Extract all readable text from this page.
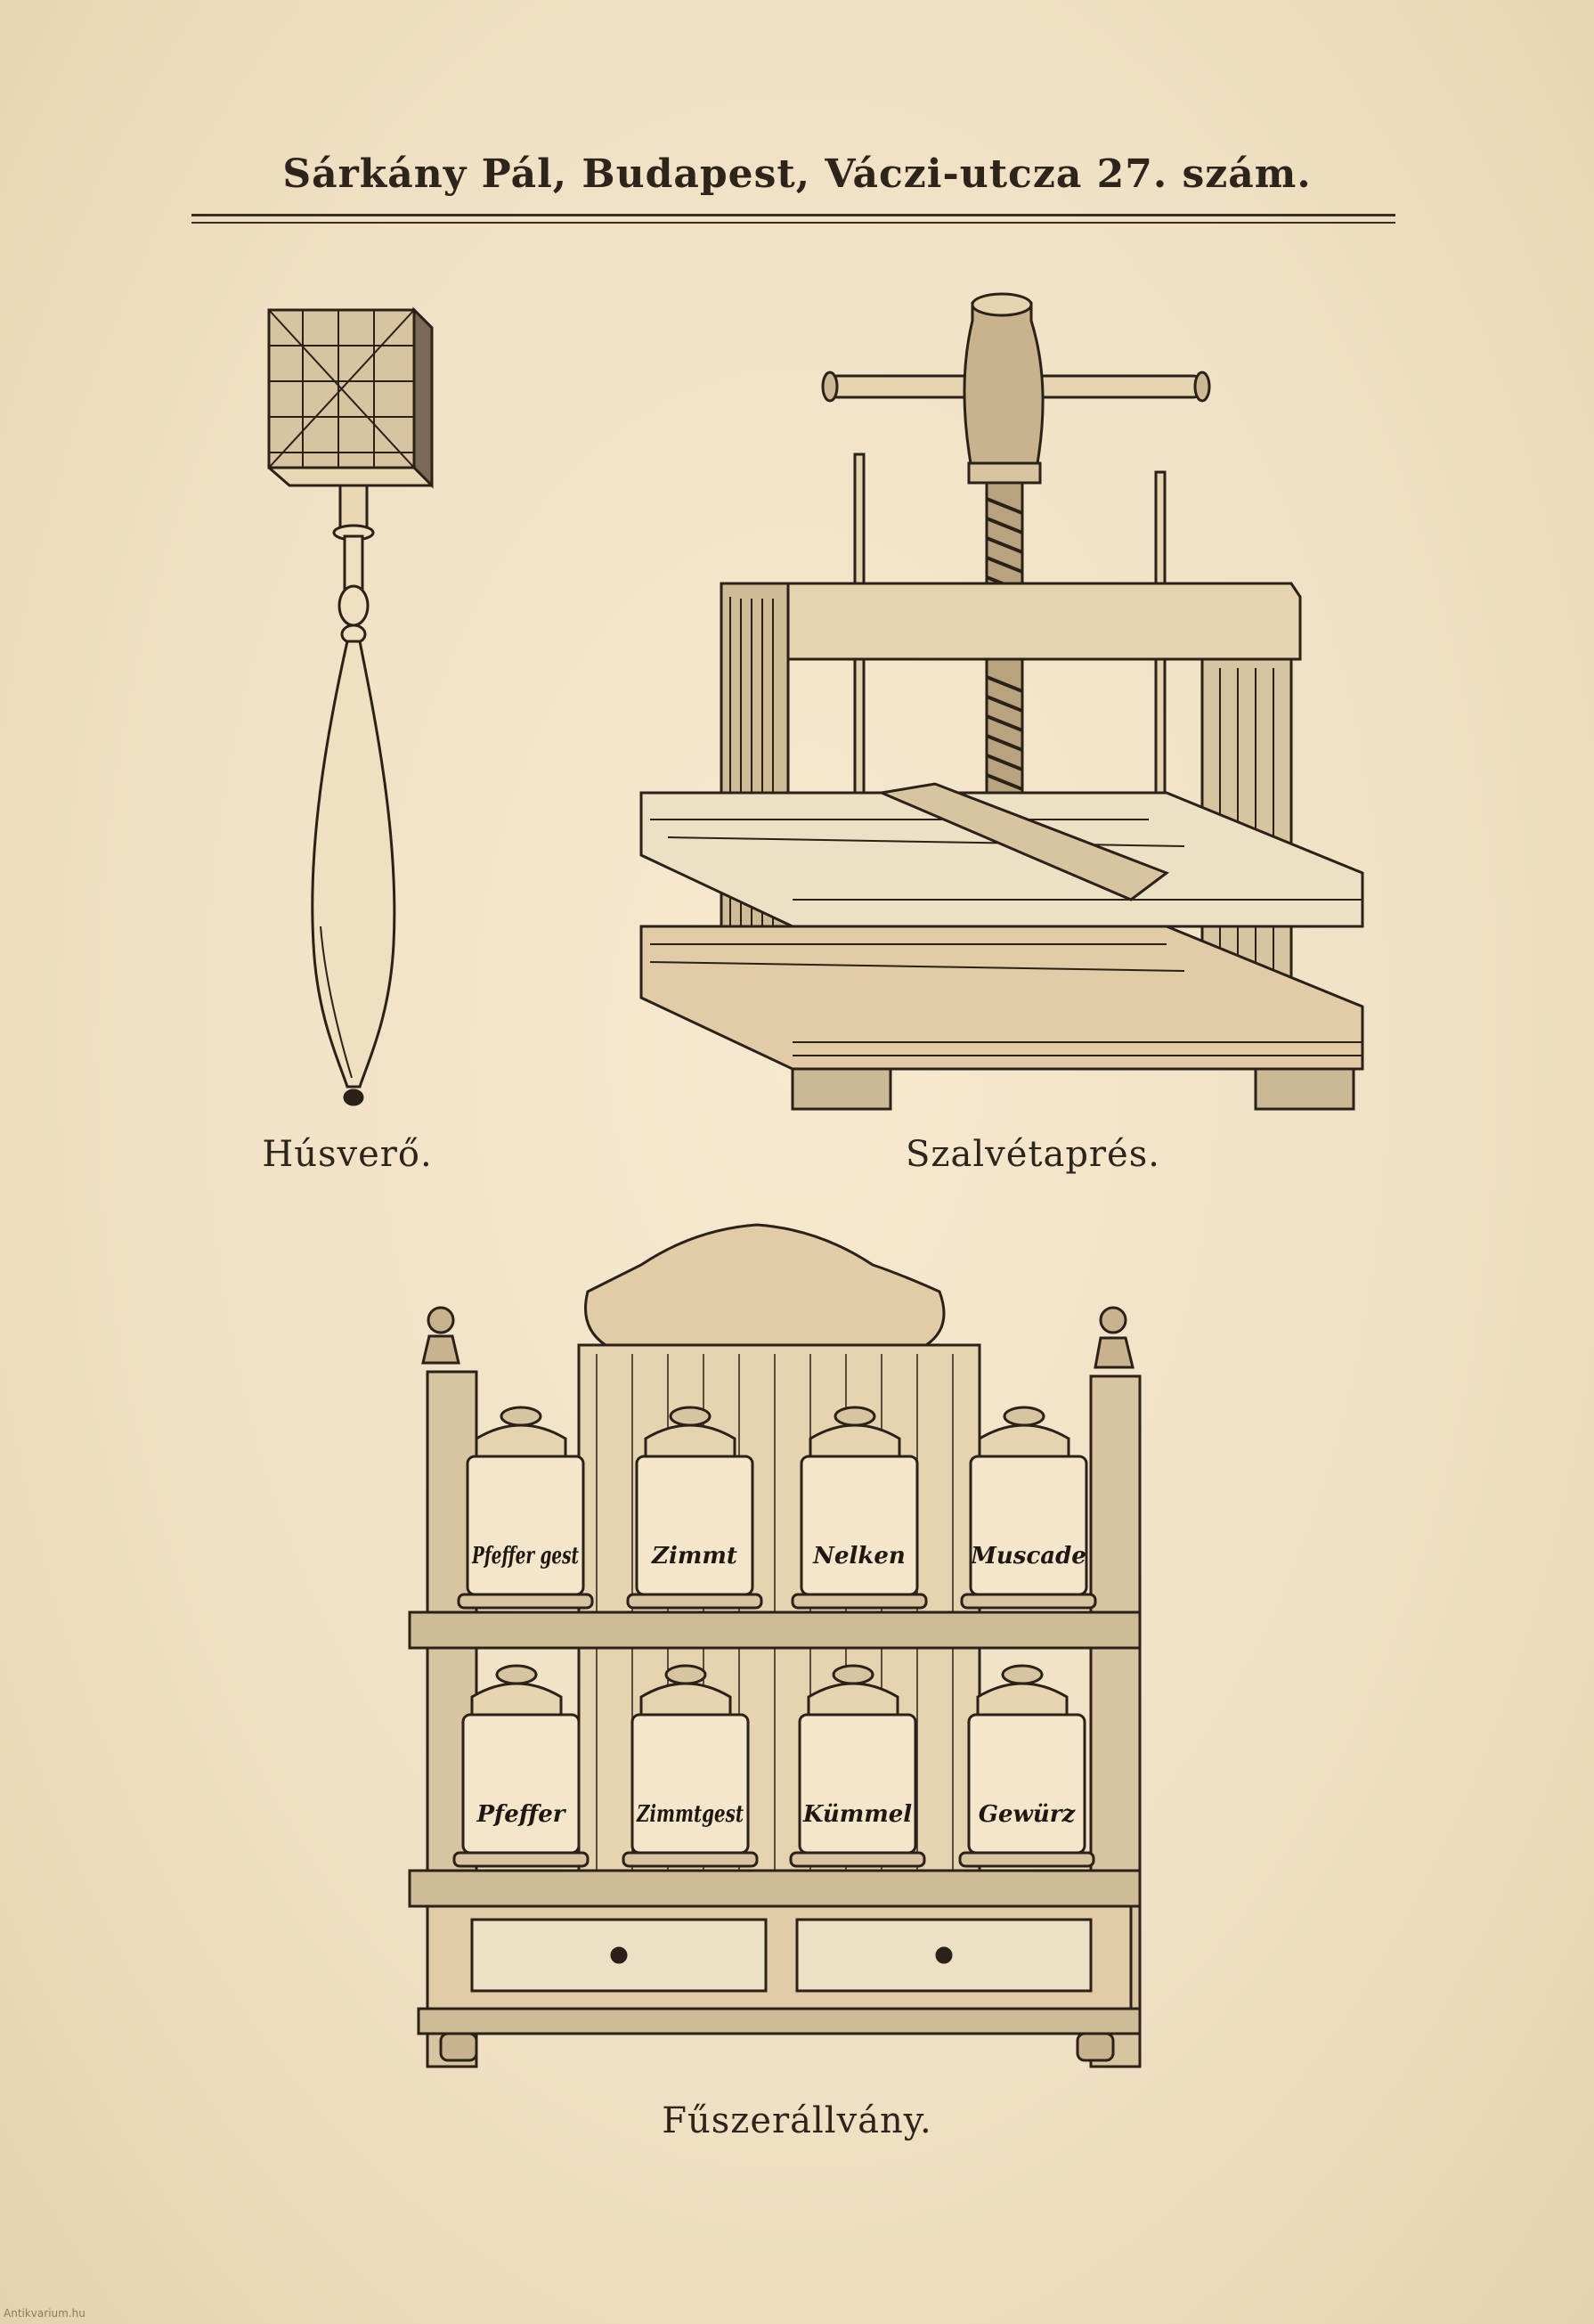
Sárkány Pál, Budapest, Váczi-utcza 27. szám.
Húsverő.	Szalvétaprés.
Pfeffer gest	Zimmt	Nelken	Muscade
Pfeffer	Zimmtgest	Kümmel	Gewürz
Fűszerállvány.
Antikvarium.hu
